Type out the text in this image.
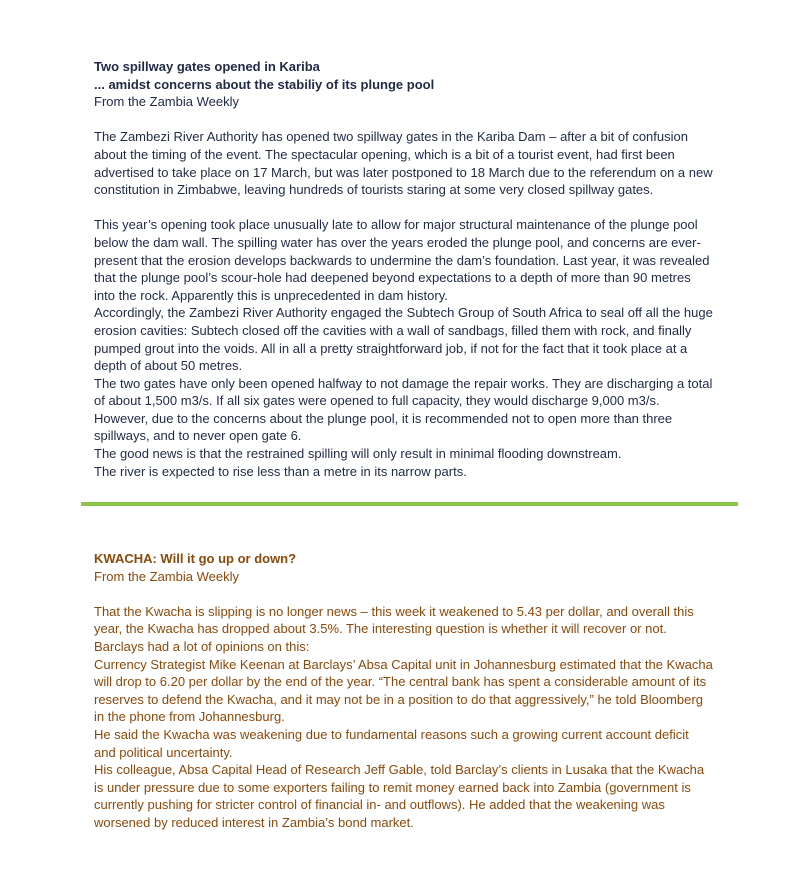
Two spillway gates opened in Kariba

... amidst concerns about the stabiliy of its plunge pool

From the Zambia Weekly

The Zambezi River Authority has opened two spillway gates in the Kariba Dam – after a bit of confusion about the timing of the event. The spectacular opening, which is a bit of a tourist event, had first been advertised to take place on 17 March, but was later postponed to 18 March due to the referendum on a new constitution in Zimbabwe, leaving hundreds of tourists staring at some very closed spillway gates.

This year’s opening took place unusually late to allow for major structural maintenance of the plunge pool below the dam wall. The spilling water has over the years eroded the plunge pool, and concerns are ever-present that the erosion develops backwards to undermine the dam’s foundation. Last year, it was revealed that the plunge pool’s scour-hole had deepened beyond expectations to a depth of more than 90 metres into the rock. Apparently this is unprecedented in dam history.

Accordingly, the Zambezi River Authority engaged the Subtech Group of South Africa to seal off all the huge erosion cavities: Subtech closed off the cavities with a wall of sandbags, filled them with rock, and finally pumped grout into the voids. All in all a pretty straightforward job, if not for the fact that it took place at a depth of about 50 metres.

The two gates have only been opened halfway to not damage the repair works. They are discharging a total of about 1,500 m3/s. If all six gates were opened to full capacity, they would discharge 9,000 m3/s. However, due to the concerns about the plunge pool, it is recommended not to open more than three spillways, and to never open gate 6.

The good news is that the restrained spilling will only result in minimal flooding downstream.

The river is expected to rise less than a metre in its narrow parts.

KWACHA: Will it go up or down?

From the Zambia Weekly

That the Kwacha is slipping is no longer news – this week it weakened to 5.43 per dollar, and overall this year, the Kwacha has dropped about 3.5%. The interesting question is whether it will recover or not.

Barclays had a lot of opinions on this:

Currency Strategist Mike Keenan at Barclays’ Absa Capital unit in Johannesburg estimated that the Kwacha will drop to 6.20 per dollar by the end of the year. “The central bank has spent a considerable amount of its reserves to defend the Kwacha, and it may not be in a position to do that aggressively,” he told Bloomberg in the phone from Johannesburg.

He said the Kwacha was weakening due to fundamental reasons such a growing current account deficit and political uncertainty.

His colleague, Absa Capital Head of Research Jeff Gable, told Barclay’s clients in Lusaka that the Kwacha is under pressure due to some exporters failing to remit money earned back into Zambia (government is currently pushing for stricter control of financial in- and outflows). He added that the weakening was worsened by reduced interest in Zambia’s bond market.
